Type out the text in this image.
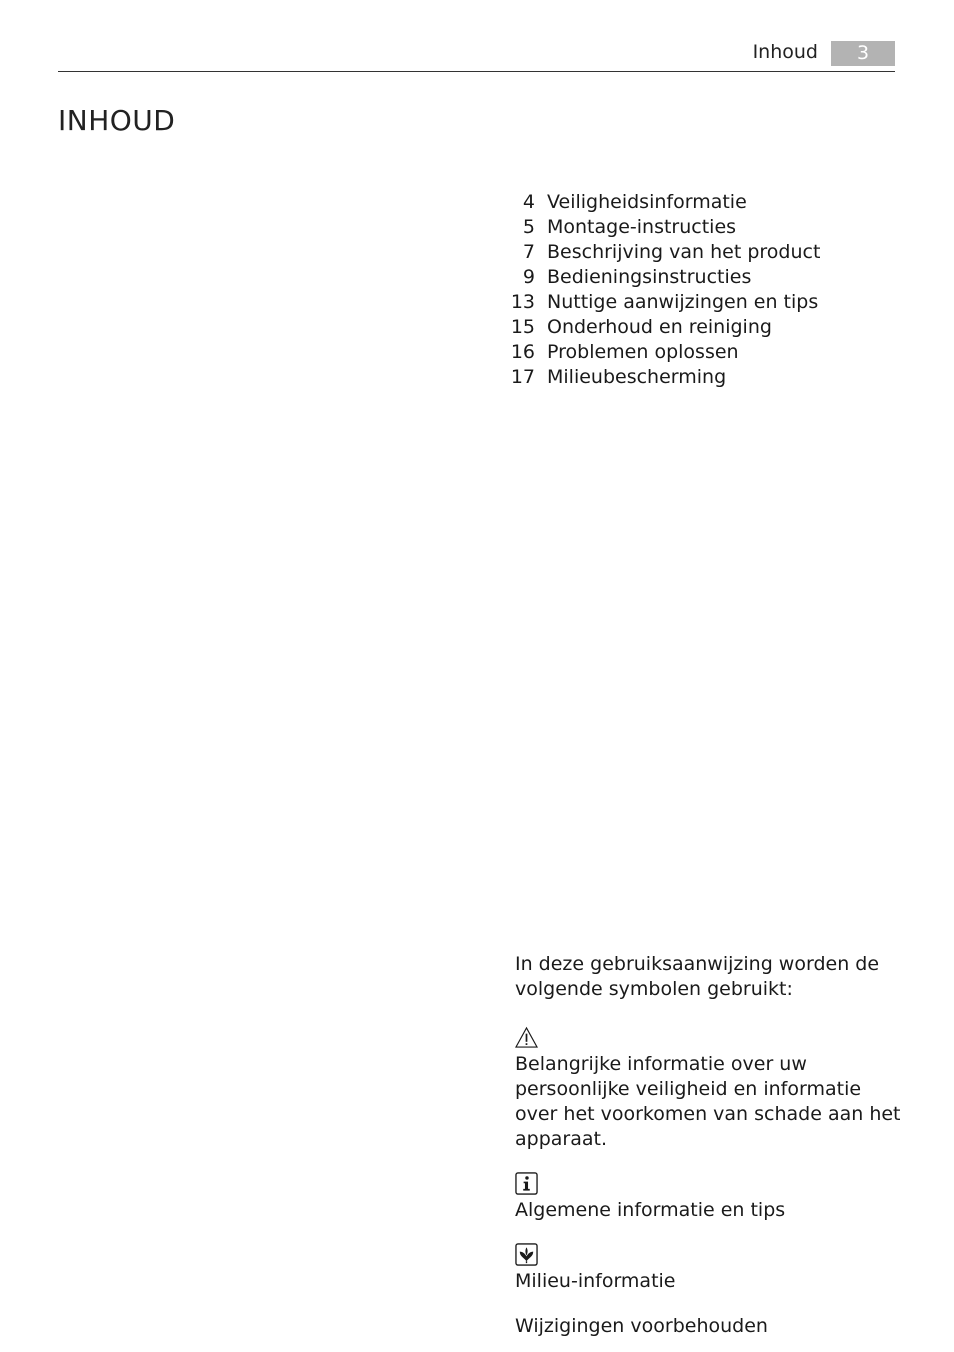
Inhoud	3
INHOUD
4 Veiligheidsinformatie
5 Montage-instructies
7 Beschrijving van het product
9 Bedieningsinstructies
13 Nuttige aanwijzingen en tips
15 Onderhoud en reiniging
16 Problemen oplossen
17 Milieubescherming

In deze gebruiksaanwijzing worden de volgende symbolen gebruikt:

Belangrijke informatie over uw persoonlijke veiligheid en informatie over het voorkomen van schade aan het apparaat.

Algemene informatie en tips

Milieu-informatie

Wijzigingen voorbehouden
